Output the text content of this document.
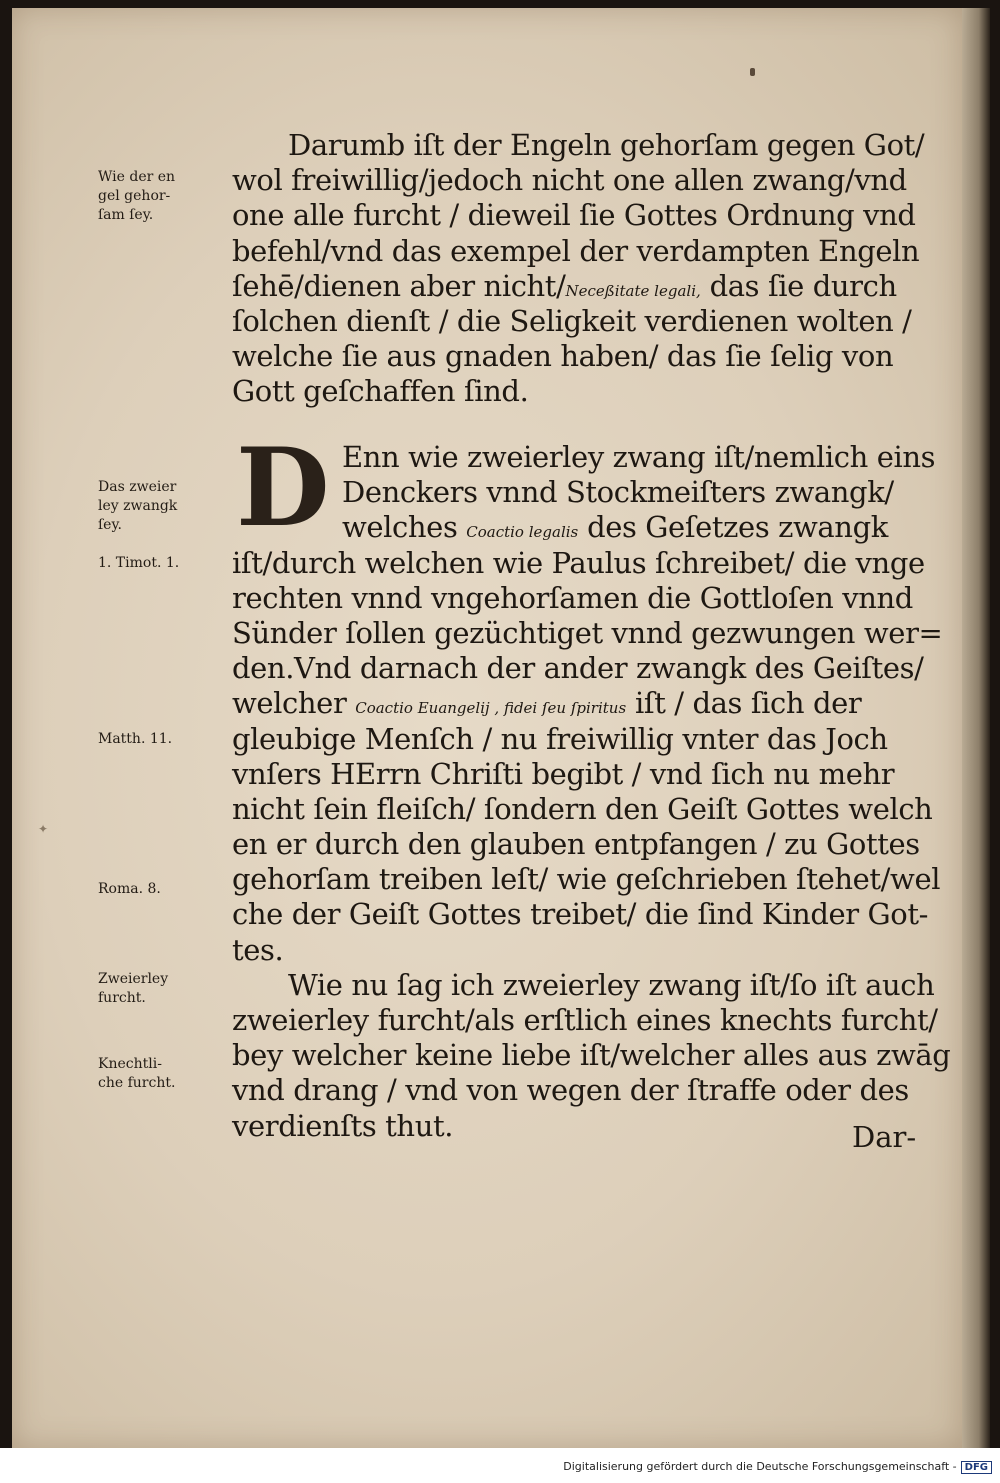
✦
Darumb iſt der Engeln gehorſam gegen Got/
wol freiwillig/jedoch nicht one allen zwang/vnd
one alle furcht / dieweil ſie Gottes Ordnung vnd
befehl/vnd das exempel der verdampten Engeln
ſehē/dienen aber nicht/Neceßitate legali, das ſie durch
ſolchen dienſt / die Seligkeit verdienen wolten /
welche ſie aus gnaden haben/ das ſie ſelig von
Gott geſchaffen ſind.
D Enn wie zweierley zwang iſt/nemlich eins
Denckers vnnd Stockmeiſters zwangk/
welches Coactio legalis des Geſetzes zwangk
iſt/durch welchen wie Paulus ſchreibet/ die vnge
rechten vnnd vngehorſamen die Gottloſen vnnd
Sünder ſollen gezüchtiget vnnd gezwungen wer=
den.Vnd darnach der ander zwangk des Geiſtes/
welcher Coactio Euangelij , fidei ſeu ſpiritus iſt / das ſich der
gleubige Menſch / nu freiwillig vnter das Joch
vnſers HErrn Chriſti begibt / vnd ſich nu mehr
nicht ſein fleiſch/ ſondern den Geiſt Gottes welch
en er durch den glauben entpfangen / zu Gottes
gehorſam treiben leſt/ wie geſchrieben ſtehet/wel
che der Geiſt Gottes treibet/ die ſind Kinder Got-
tes.
Wie nu ſag ich zweierley zwang iſt/ſo iſt auch
zweierley furcht/als erſtlich eines knechts furcht/
bey welcher keine liebe iſt/welcher alles aus zwāg
vnd drang / vnd von wegen der ſtraffe oder des
verdienſts thut.	Dar-
Wie der en
gel gehor-
ſam ſey.
Das zweier
ley zwangk
ſey.
1. Timot. 1.
Matth. 11.
Roma. 8.
Zweierley
furcht.
Knechtli-
che furcht.
Digitalisierung gefördert durch die Deutsche Forschungsgemeinschaft - DFG
